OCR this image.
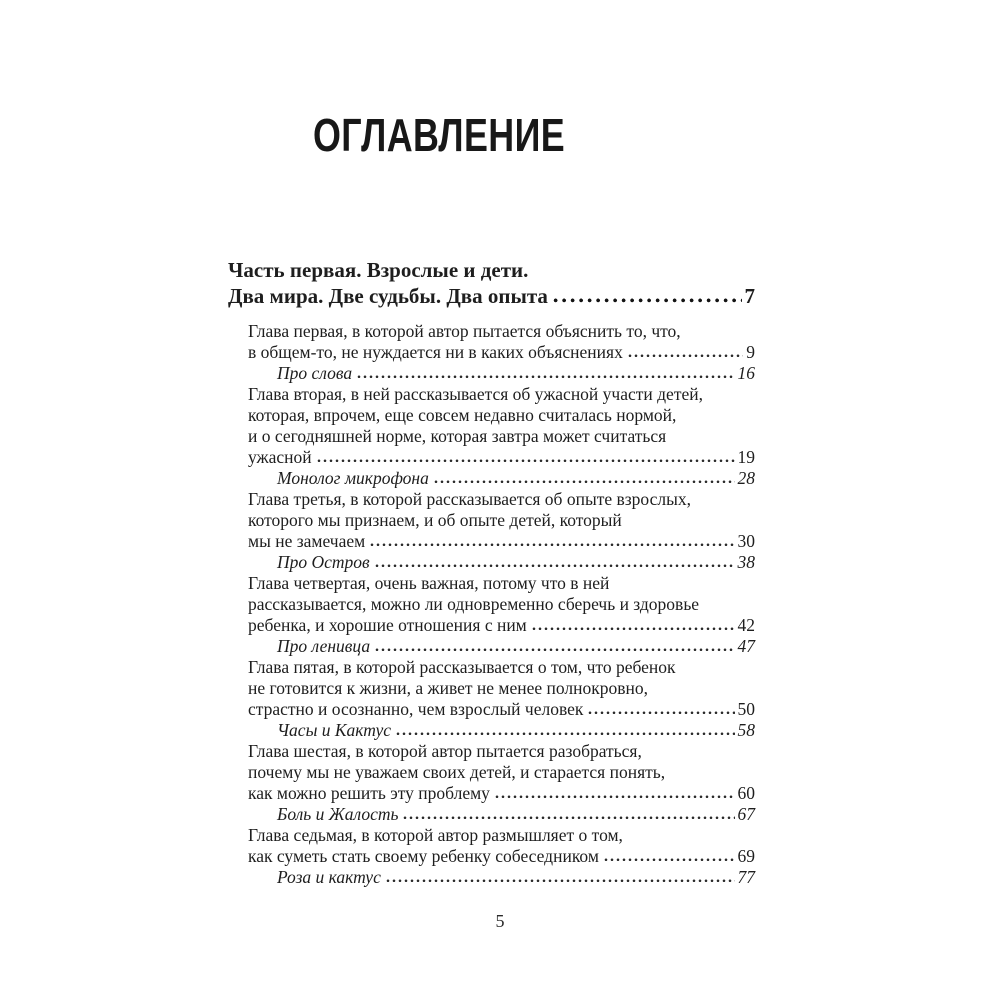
ОГЛАВЛЕНИЕ
Часть первая. Взрослые и дети.
Два мира. Две судьбы. Два опыта	7
Глава первая, в которой автор пытается объяснить то, что,
в общем-то, не нуждается ни в каких объяснениях	9
Про слова	16
Глава вторая, в ней рассказывается об ужасной участи детей,
которая, впрочем, еще совсем недавно считалась нормой,
и о сегодняшней норме, которая завтра может считаться
ужасной	19
Монолог микрофона	28
Глава третья, в которой рассказывается об опыте взрослых,
которого мы признаем, и об опыте детей, который
мы не замечаем	30
Про Остров	38
Глава четвертая, очень важная, потому что в ней
рассказывается, можно ли одновременно сберечь и здоровье
ребенка, и хорошие отношения с ним	42
Про ленивца	47
Глава пятая, в которой рассказывается о том, что ребенок
не готовится к жизни, а живет не менее полнокровно,
страстно и осознанно, чем взрослый человек	50
Часы и Кактус	58
Глава шестая, в которой автор пытается разобраться,
почему мы не уважаем своих детей, и старается понять,
как можно решить эту проблему	60
Боль и Жалость	67
Глава седьмая, в которой автор размышляет о том,
как суметь стать своему ребенку собеседником	69
Роза и кактус	77
5
